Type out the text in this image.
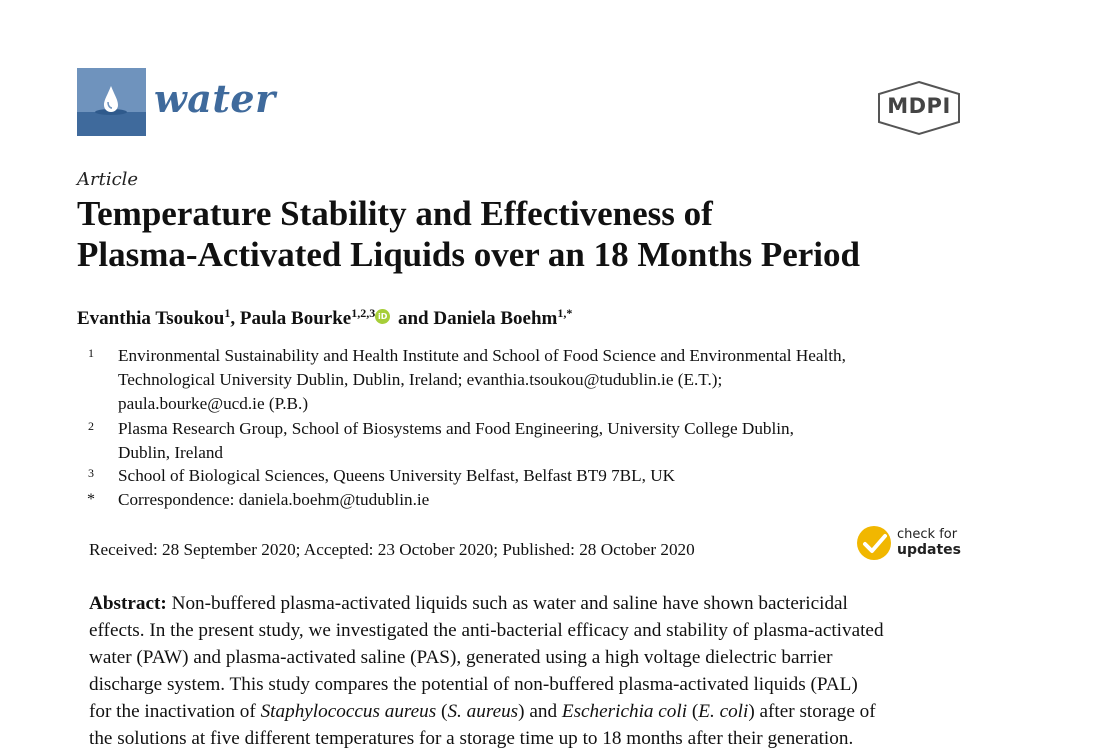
water	MDPI
Article
Temperature Stability and Effectiveness of
Plasma-Activated Liquids over an 18 Months Period
Evanthia Tsoukou$^1$, Paula Bourke$^{1,2,3}$ iD and Daniela Boehm$^{1,*}$
1 Environmental Sustainability and Health Institute and School of Food Science and Environmental Health,
Technological University Dublin, Dublin, Ireland; evanthia.tsoukou@tudublin.ie (E.T.);
paula.bourke@ucd.ie (P.B.)
2 Plasma Research Group, School of Biosystems and Food Engineering, University College Dublin,
Dublin, Ireland
3 School of Biological Sciences, Queens University Belfast, Belfast BT9 7BL, UK
* Correspondence: daniela.boehm@tudublin.ie
Received: 28 September 2020; Accepted: 23 October 2020; Published: 28 October 2020
check for
updates
Abstract: Non-buffered plasma-activated liquids such as water and saline have shown bactericidal
effects. In the present study, we investigated the anti-bacterial efficacy and stability of plasma-activated
water (PAW) and plasma-activated saline (PAS), generated using a high voltage dielectric barrier
discharge system. This study compares the potential of non-buffered plasma-activated liquids (PAL)
for the inactivation of Staphylococcus aureus (S. aureus) and Escherichia coli (E. coli) after storage of
the solutions at five different temperatures for a storage time up to 18 months after their generation.
